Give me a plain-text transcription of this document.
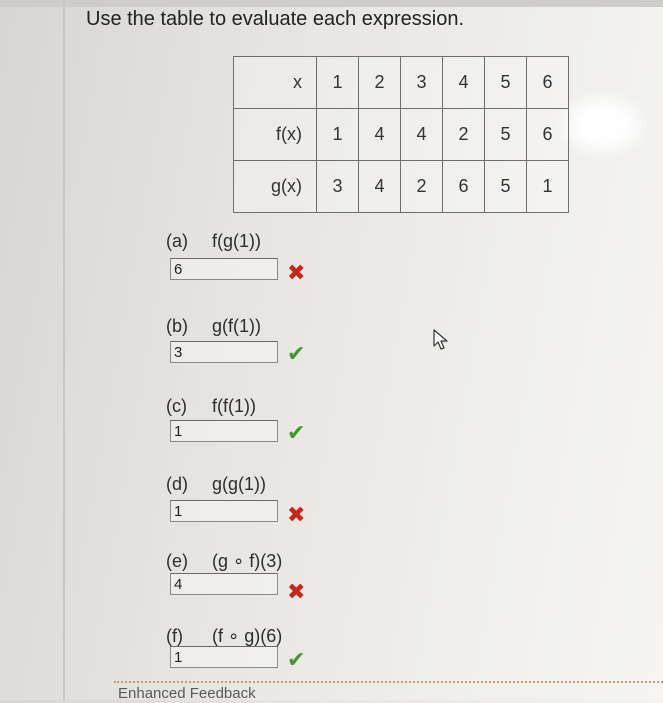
Use the table to evaluate each expression.
x	1	2	3	4	5	6
f(x)	1	4	4	2	5	6
g(x)	3	4	2	6	5	1
(a) f(g(1))
6	✖
(b) g(f(1))
3	✔
(c) f(f(1))
1	✔
(d) g(g(1))
1	✖
(e) (g ∘ f)(3)
4	✖
(f) (f ∘ g)(6)
1	✔
Enhanced Feedback
